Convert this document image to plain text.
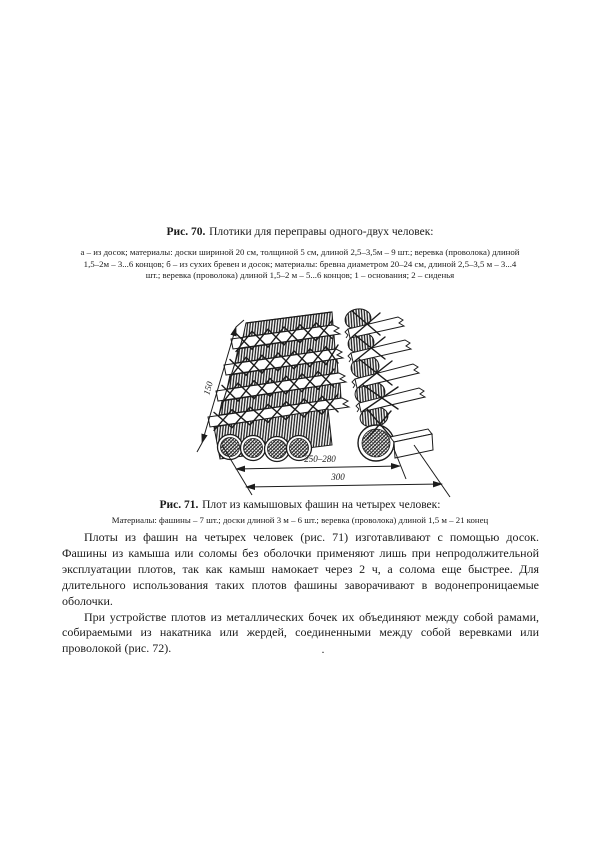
Рис. 70. Плотики для переправы одного-двух человек:
а – из досок; материалы: доски шириной 20 см, толщиной 5 см, длиной 2,5–3,5м – 9 шт.; веревка (проволока) длиной
1,5–2м – 3...6 концов; б – из сухих бревен и досок; материалы: бревна диаметром 20–24 см, длиной 2,5–3,5 м – 3...4
шт.; веревка (проволока) длиной 1,5–2 м – 5...6 концов; 1 – основания; 2 – сиденья
150
250–280
300
Рис. 71. Плот из камышовых фашин на четырех человек:
Материалы: фашины – 7 шт.; доски длиной 3 м – 6 шт.; веревка (проволока) длиной 1,5 м – 21 конец

Плоты из фашин на четырех человек (рис. 71) изготавливают с помощью досок. Фашины из камыша или соломы без оболочки применяют лишь при непродолжительной эксплуатации плотов, так как камыш намокает через 2 ч, а солома еще быстрее. Для длительного использования таких плотов фашины заворачивают в водонепроницаемые оболочки.

При устройстве плотов из металлических бочек их объединяют между собой рамами, собираемыми из накатника или жердей, соединенными между собой веревками или проволокой (рис. 72).	.
